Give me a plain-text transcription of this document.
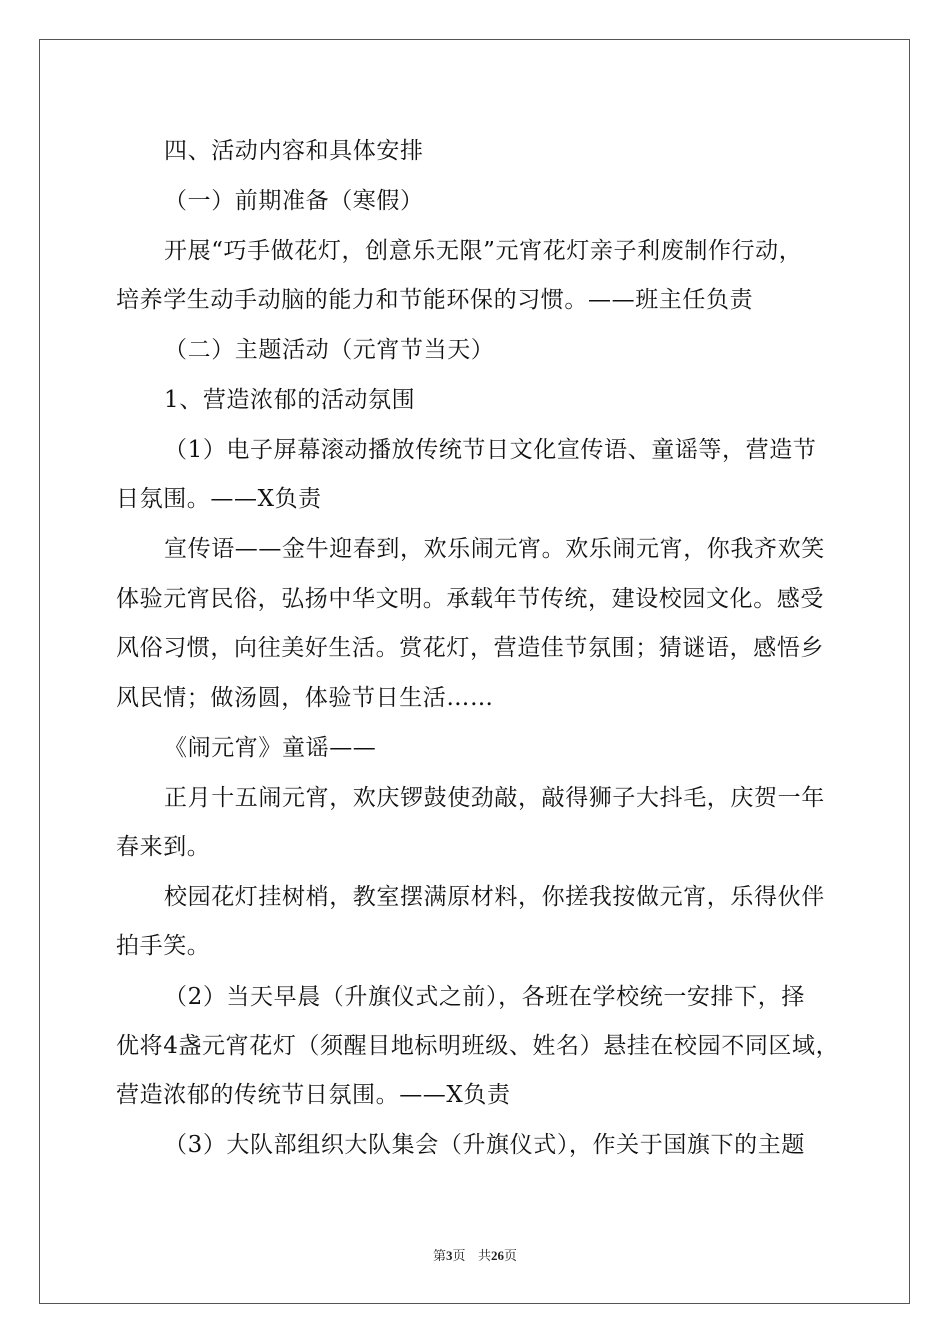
四、活动内容和具体安排
（一）前期准备（寒假）
开展“巧手做花灯，创意乐无限”元宵花灯亲子利废制作行动，
培养学生动手动脑的能力和节能环保的习惯。——班主任负责
（二）主题活动（元宵节当天）
1、营造浓郁的活动氛围
（1）电子屏幕滚动播放传统节日文化宣传语、童谣等，营造节
日氛围。——X负责
宣传语——金牛迎春到，欢乐闹元宵。欢乐闹元宵，你我齐欢笑
体验元宵民俗，弘扬中华文明。承载年节传统，建设校园文化。感受
风俗习惯，向往美好生活。赏花灯，营造佳节氛围；猜谜语，感悟乡
风民情；做汤圆，体验节日生活……
《闹元宵》童谣——
正月十五闹元宵，欢庆锣鼓使劲敲，敲得狮子大抖毛，庆贺一年
春来到。
校园花灯挂树梢，教室摆满原材料，你搓我按做元宵，乐得伙伴
拍手笑。
（2）当天早晨（升旗仪式之前），各班在学校统一安排下，择
优将4盏元宵花灯（须醒目地标明班级、姓名）悬挂在校园不同区域，
营造浓郁的传统节日氛围。——X负责
（3）大队部组织大队集会（升旗仪式），作关于国旗下的主题
第3页 共26页
